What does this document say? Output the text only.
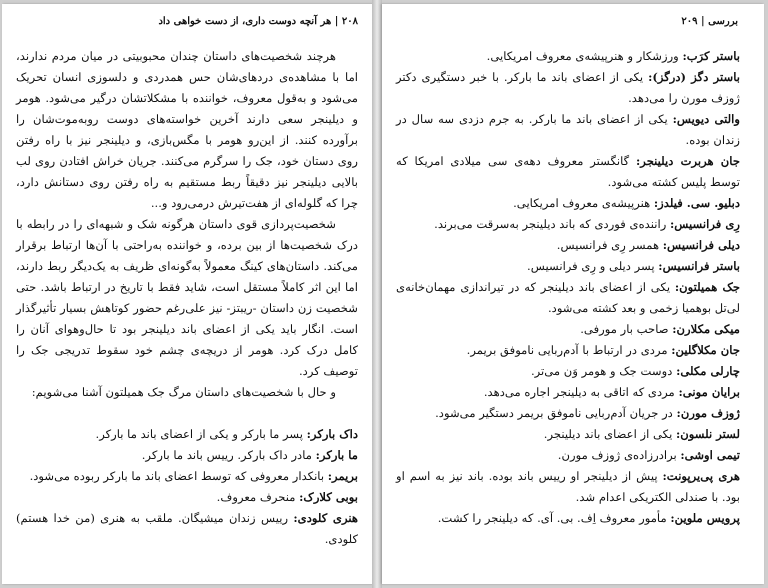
۲۰۸ | هر آنچه دوست داری، از دست خواهی داد

هرچند شخصیت‌های داستان چندان محبوبیتی در میان مردم ندارند، اما با مشاهده‌ی دردهای‌شان حس همدردی و دلسوزی انسان تحریک می‌شود و به‌قول معروف، خواننده با مشکلاتشان درگیر می‌شود. هومر و دیلینجر سعی دارند آخرین خواسته‌های دوست روبه‌موت‌شان را برآورده کنند. از این‌رو هومر با مگس‌بازی، و دیلینجر نیز با راه رفتن روی دستان خود، جک را سرگرم می‌کنند. جریان خراش افتادن روی لب بالایی دیلینجر نیز دقیقاً ربط مستقیم به راه رفتن روی دستانش دارد، چرا که گلوله‌ای از هفت‌تیرش درمی‌رود و...

شخصیت‌پردازی قوی داستان هرگونه شک و شبهه‌ای را در رابطه با درک شخصیت‌ها از بین برده، و خواننده به‌راحتی با آن‌ها ارتباط برقرار می‌کند. داستان‌های کینگ معمولاً به‌گونه‌ای ظریف به یک‌دیگر ربط دارند، اما این اثر کاملاً مستقل است، شاید فقط با تاریخ در ارتباط باشد. حتی شخصیت زن داستان -ریبتز- نیز علی‌رغم حضور کوتاهش بسیار تأثیرگذار است. انگار باید یکی از اعضای باند دیلینجر بود تا حال‌وهوای آنان را کامل درک کرد. هومر از دریچه‌ی چشم خود سقوط تدریجی جک را توصیف کرد.

و حال با شخصیت‌های داستان مرگ جک همیلتون آشنا می‌شویم:

داک بارکر: پسر ما بارکر و یکی از اعضای باند ما بارکر.

ما بارکر: مادر داک بارکر. رییس باند ما بارکر.

بریمر: بانکدار معروفی که توسط اعضای باند ما بارکر ربوده می‌شود.

بوبی کلارک: منحرف معروف.

هنری کلودی: رییس زندان میشیگان. ملقب به هنری (من خدا هستم) کلودی.

بررسی | ۲۰۹

باستر کرَب: ورزشکار و هنرپیشه‌ی معروف امریکایی.

باستر دگز (درگز): یکی از اعضای باند ما بارکر. با خبر دستگیری دکتر ژوزف مورن را می‌دهد.

والتی دیویس: یکی از اعضای باند ما بارکر. به جرم دزدی سه سال در زندان بوده.

جان هربرت دیلینجر: گانگستر معروف دهه‌ی سی میلادی امریکا که توسط پلیس کشته می‌شود.

دبلیو. سی. فیلدز: هنرپیشه‌ی معروف امریکایی.

رِی فرانسیس: راننده‌ی فوردی که باند دیلینجر به‌سرقت می‌برند.

دیلی فرانسیس: همسر رِی فرانسیس.

باستر فرانسیس: پسر دیلی و رِی فرانسیس.

جک همیلتون: یکی از اعضای باند دیلینجر که در تیراندازی مهمان‌خانه‌ی لی‌تل بوهمیا زخمی و بعد کشته می‌شود.

میکی مکلارن: صاحب بار مورفی.

جان مکلاگلین: مردی در ارتباط با آدم‌ربایی ناموفق بریمر.

چارلی مکلی: دوست جک و هومر وَن می‌تر.

برایان مونی: مردی که اتاقی به دیلینجر اجاره می‌دهد.

ژوزف مورن: در جریان آدم‌ربایی ناموفق بریمر دستگیر می‌شود.

لستر نلسون: یکی از اعضای باند دیلینجر.

تیمی اوشی: برادرزاده‌ی ژوزف مورن.

هری پی‌یرپونت: پیش از دیلینجر او رییس باند بوده. باند نیز به اسم او بود. با صندلی الکتریکی اعدام شد.

پرویس ملوین: مأمور معروف اِف. بی. آی. که دیلینجر را کشت.
